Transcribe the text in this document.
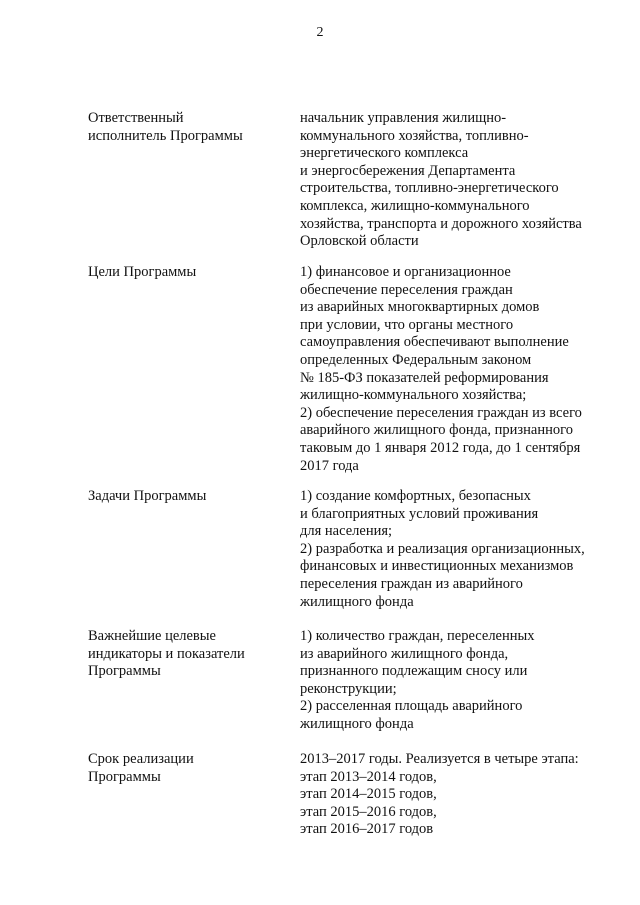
2
Ответственный
исполнитель Программы
начальник управления жилищно-
коммунального хозяйства, топливно-
энергетического комплекса
и энергосбережения Департамента
строительства, топливно-энергетического
комплекса, жилищно-коммунального
хозяйства, транспорта и дорожного хозяйства
Орловской области
Цели Программы	1) финансовое и организационное
обеспечение переселения граждан
из аварийных многоквартирных домов
при условии, что органы местного
самоуправления обеспечивают выполнение
определенных Федеральным законом
№ 185-ФЗ показателей реформирования
жилищно-коммунального хозяйства;
2) обеспечение переселения граждан из всего
аварийного жилищного фонда, признанного
таковым до 1 января 2012 года, до 1 сентября
2017 года
Задачи Программы	1) создание комфортных, безопасных
и благоприятных условий проживания
для населения;
2) разработка и реализация организационных,
финансовых и инвестиционных механизмов
переселения граждан из аварийного
жилищного фонда
Важнейшие целевые
индикаторы и показатели
Программы
1) количество граждан, переселенных
из аварийного жилищного фонда,
признанного подлежащим сносу или
реконструкции;
2) расселенная площадь аварийного
жилищного фонда
Срок реализации
Программы
2013–2017 годы. Реализуется в четыре этапа:
этап 2013–2014 годов,
этап 2014–2015 годов,
этап 2015–2016 годов,
этап 2016–2017 годов
